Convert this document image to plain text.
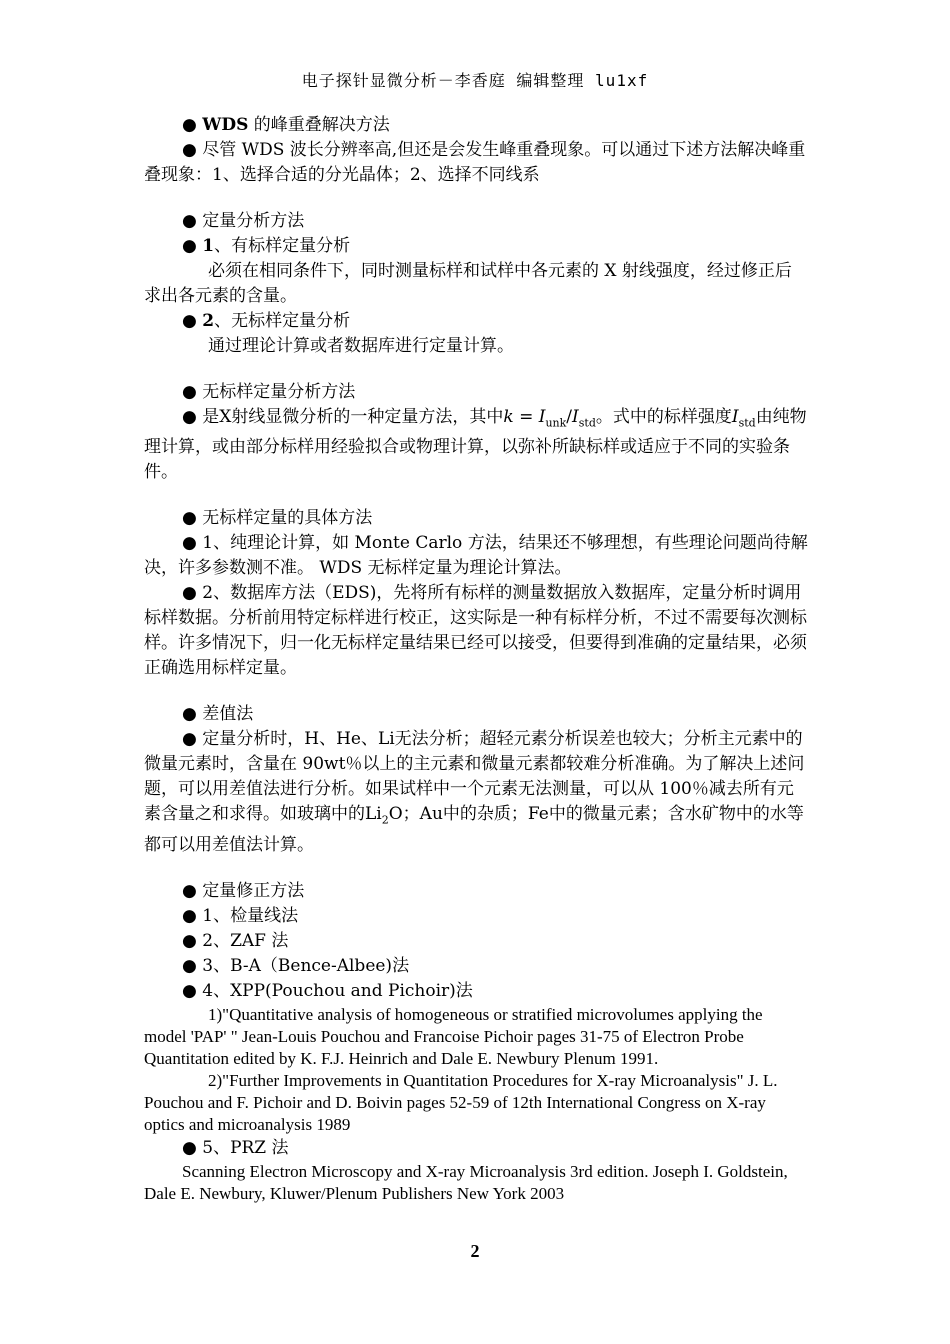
电子探针显微分析－李香庭 编辑整理 lu1xf

● WDS 的峰重叠解决方法

● 尽管 WDS 波长分辨率高,但还是会发生峰重叠现象。可以通过下述方法解决峰重叠现象：1、选择合适的分光晶体；2、选择不同线系

● 定量分析方法

● 1、有标样定量分析

必须在相同条件下，同时测量标样和试样中各元素的 X 射线强度，经过修正后求出各元素的含量。

● 2、无标样定量分析

通过理论计算或者数据库进行定量计算。

● 无标样定量分析方法

● 是X射线显微分析的一种定量方法，其中$k = I_{unk}/I_{std}$。式中的标样强度$I_{std}$由纯物理计算，或由部分标样用经验拟合或物理计算，以弥补所缺标样或适应于不同的实验条件。

● 无标样定量的具体方法

● 1、纯理论计算，如 Monte Carlo 方法，结果还不够理想，有些理论问题尚待解决，许多参数测不准。 WDS 无标样定量为理论计算法。

● 2、数据库方法（EDS)，先将所有标样的测量数据放入数据库，定量分析时调用标样数据。分析前用特定标样进行校正，这实际是一种有标样分析，不过不需要每次测标样。许多情况下，归一化无标样定量结果已经可以接受，但要得到准确的定量结果，必须正确选用标样定量。

● 差值法

● 定量分析时，H、He、Li无法分析；超轻元素分析误差也较大；分析主元素中的微量元素时，含量在 90wt％以上的主元素和微量元素都较难分析准确。为了解决上述问题，可以用差值法进行分析。如果试样中一个元素无法测量，可以从 100％减去所有元素含量之和求得。如玻璃中的$Li_2O$；Au中的杂质；Fe中的微量元素；含水矿物中的水等都可以用差值法计算。

● 定量修正方法

● 1、检量线法

● 2、ZAF 法

● 3、B-A（Bence-Albee)法

● 4、XPP(Pouchou and Pichoir)法

1)"Quantitative analysis of homogeneous or stratified microvolumes applying the model 'PAP' " Jean-Louis Pouchou and Francoise Pichoir pages 31-75 of Electron Probe Quantitation edited by K. F.J. Heinrich and Dale E. Newbury Plenum 1991.

2)"Further Improvements in Quantitation Procedures for X-ray Microanalysis" J. L. Pouchou and F. Pichoir and D. Boivin pages 52-59 of 12th International Congress on X-ray optics and microanalysis 1989

● 5、PRZ 法

Scanning Electron Microscopy and X-ray Microanalysis 3rd edition. Joseph I. Goldstein, Dale E. Newbury, Kluwer/Plenum Publishers New York 2003

2
